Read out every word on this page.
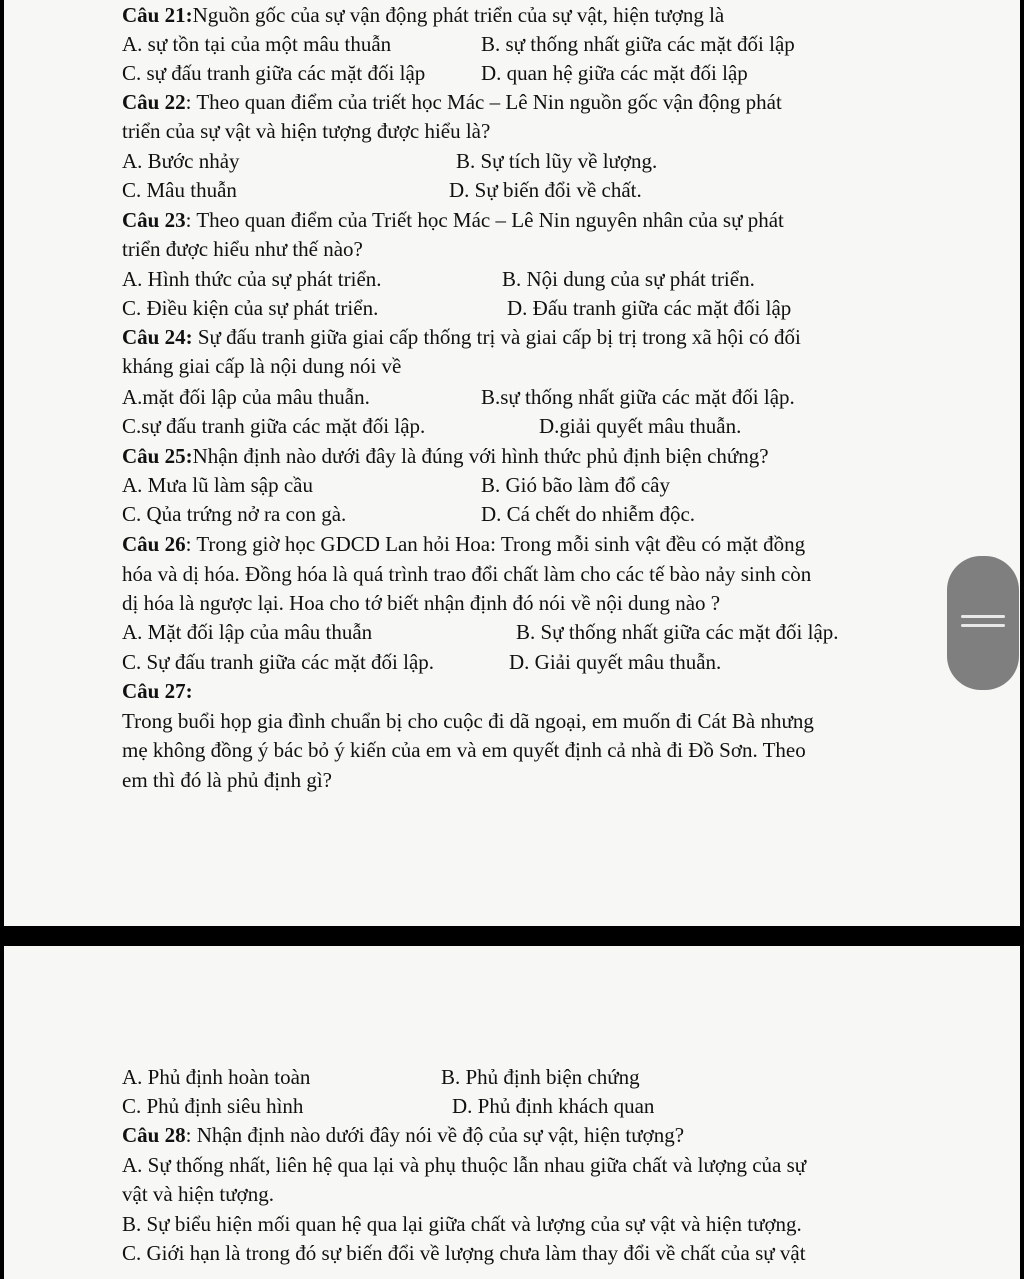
Câu 21:Nguồn gốc của sự vận động phát triển của sự vật, hiện tượng là
A. sự tồn tại của một mâu thuẫn	B. sự thống nhất giữa các mặt đối lập
C. sự đấu tranh giữa các mặt đối lập	D. quan hệ giữa các mặt đối lập
Câu 22: Theo quan điểm của triết học Mác – Lê Nin nguồn gốc vận động phát
triển của sự vật và hiện tượng được hiểu là?
A. Bước nhảy	B. Sự tích lũy về lượng.
C. Mâu thuẫn	D. Sự biến đổi về chất.
Câu 23: Theo quan điểm của Triết học Mác – Lê Nin nguyên nhân của sự phát
triển được hiểu như thế nào?
A. Hình thức của sự phát triển.	B. Nội dung của sự phát triển.
C. Điều kiện của sự phát triển.	D. Đấu tranh giữa các mặt đối lập
Câu 24: Sự đấu tranh giữa giai cấp thống trị và giai cấp bị trị trong xã hội có đối
kháng giai cấp là nội dung nói về
A.mặt đối lập của mâu thuẫn.	B.sự thống nhất giữa các mặt đối lập.
C.sự đấu tranh giữa các mặt đối lập.	D.giải quyết mâu thuẫn.
Câu 25:Nhận định nào dưới đây là đúng với hình thức phủ định biện chứng?
A. Mưa lũ làm sập cầu	B. Gió bão làm đổ cây
C. Qủa trứng nở ra con gà.	D. Cá chết do nhiễm độc.
Câu 26: Trong giờ học GDCD Lan hỏi Hoa: Trong mỗi sinh vật đều có mặt đồng
hóa và dị hóa. Đồng hóa là quá trình trao đổi chất làm cho các tế bào nảy sinh còn
dị hóa là ngược lại. Hoa cho tớ biết nhận định đó nói về nội dung nào ?
A. Mặt đối lập của mâu thuẫn	B. Sự thống nhất giữa các mặt đối lập.
C. Sự đấu tranh giữa các mặt đối lập.	D. Giải quyết mâu thuẫn.
Câu 27:
Trong buổi họp gia đình chuẩn bị cho cuộc đi dã ngoại, em muốn đi Cát Bà nhưng
mẹ không đồng ý bác bỏ ý kiến của em và em quyết định cả nhà đi Đồ Sơn. Theo
em thì đó là phủ định gì?
A. Phủ định hoàn toàn	B. Phủ định biện chứng
C. Phủ định siêu hình	D. Phủ định khách quan
Câu 28: Nhận định nào dưới đây nói về độ của sự vật, hiện tượng?
A. Sự thống nhất, liên hệ qua lại và phụ thuộc lẫn nhau giữa chất và lượng của sự
vật và hiện tượng.
B. Sự biểu hiện mối quan hệ qua lại giữa chất và lượng của sự vật và hiện tượng.
C. Giới hạn là trong đó sự biến đổi về lượng chưa làm thay đổi về chất của sự vật
